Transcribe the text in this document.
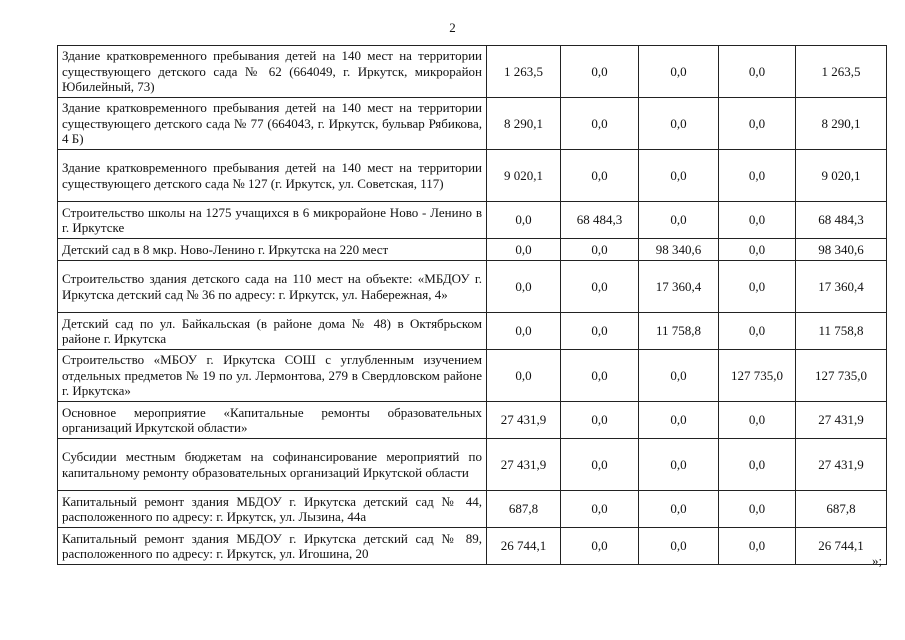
2
Здание кратковременного пребывания детей на 140 мест на территории существующего детского сада № 62 (664049, г. Иркутск, микрорайон Юбилейный, 73)	1 263,5	0,0	0,0	0,0	1 263,5
Здание кратковременного пребывания детей на 140 мест на территории существующего детского сада № 77 (664043, г. Иркутск, бульвар Рябикова, 4 Б)	8 290,1	0,0	0,0	0,0	8 290,1
Здание кратковременного пребывания детей на 140 мест на территории существующего детского сада № 127 (г. Иркутск, ул. Советская, 117)	9 020,1	0,0	0,0	0,0	9 020,1
Строительство школы на 1275 учащихся в 6 микрорайоне Ново - Ленино в г. Иркутске	0,0	68 484,3	0,0	0,0	68 484,3
Детский сад в 8 мкр. Ново-Ленино г. Иркутска на 220 мест	0,0	0,0	98 340,6	0,0	98 340,6
Строительство здания детского сада на 110 мест на объекте: «МБДОУ г. Иркутска детский сад № 36 по адресу: г. Иркутск, ул. Набережная, 4»	0,0	0,0	17 360,4	0,0	17 360,4
Детский сад по ул. Байкальская (в районе дома № 48) в Октябрьском районе г. Иркутска	0,0	0,0	11 758,8	0,0	11 758,8
Строительство «МБОУ г. Иркутска СОШ с углубленным изучением отдельных предметов № 19 по ул. Лермонтова, 279 в Свердловском районе г. Иркутска»	0,0	0,0	0,0	127 735,0	127 735,0
Основное мероприятие «Капитальные ремонты образовательных организаций Иркутской области»	27 431,9	0,0	0,0	0,0	27 431,9
Субсидии местным бюджетам на софинансирование мероприятий по капитальному ремонту образовательных организаций Иркутской области	27 431,9	0,0	0,0	0,0	27 431,9
Капитальный ремонт здания МБДОУ г. Иркутска детский сад № 44, расположенного по адресу: г. Иркутск, ул. Лызина, 44а	687,8	0,0	0,0	0,0	687,8
Капитальный ремонт здания МБДОУ г. Иркутска детский сад № 89, расположенного по адресу: г. Иркутск, ул. Игошина, 20	26 744,1	0,0	0,0	0,0	26 744,1
»;
